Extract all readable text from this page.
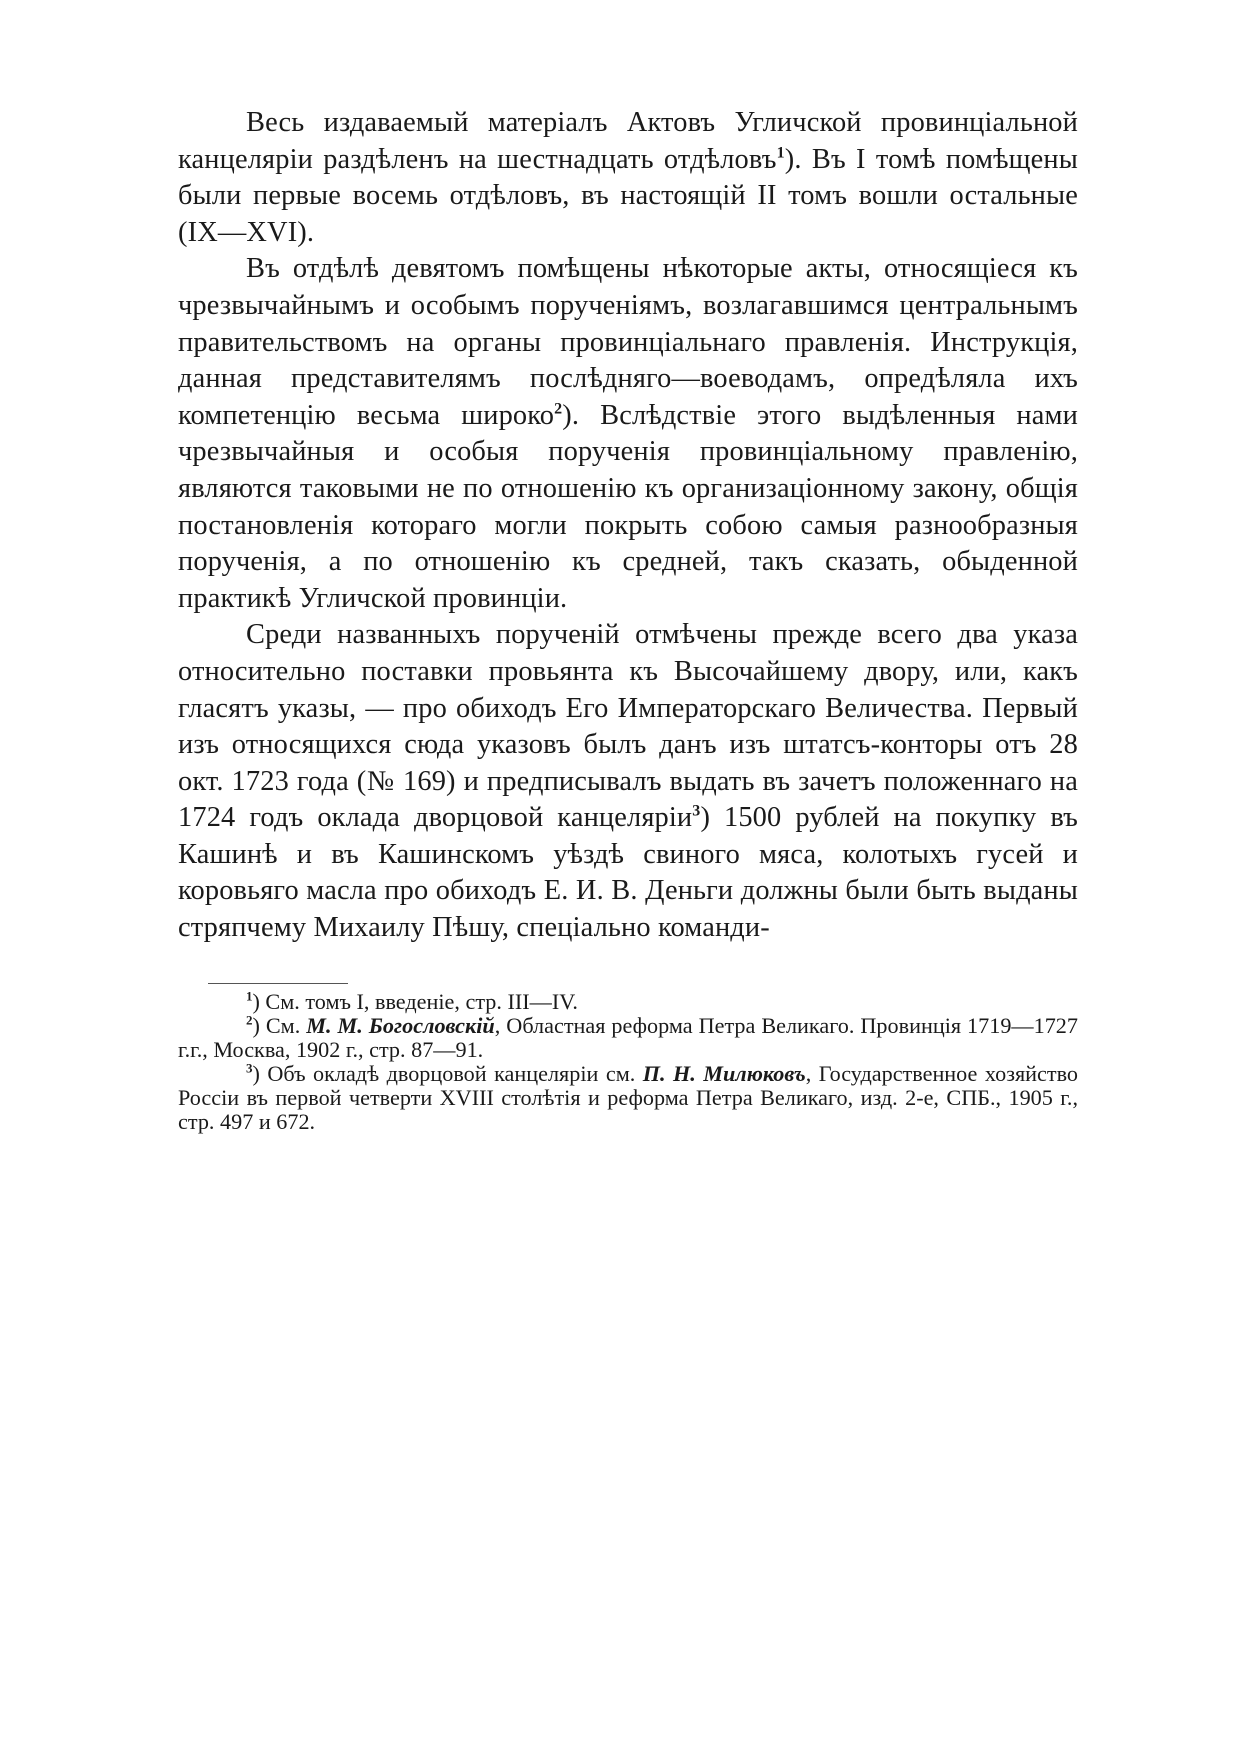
Весь издаваемый матеріалъ Актовъ Угличской провинціальной канцеляріи раздѣленъ на шестнадцать отдѣловъ$^1$). Въ I томѣ помѣщены были первые восемь отдѣловъ, въ настоящій II томъ вошли остальные (IX—XVI).

Въ отдѣлѣ девятомъ помѣщены нѣкоторые акты, относящіеся къ чрезвычайнымъ и особымъ порученіямъ, возлагавшимся центральнымъ правительствомъ на органы провинціальнаго правленія. Инструкція, данная представителямъ послѣдняго—воеводамъ, опредѣляла ихъ компетенцію весьма широко$^2$). Вслѣдствіе этого выдѣленныя нами чрезвычайныя и особыя порученія провинціальному правленію, являются таковыми не по отношенію къ организаціонному закону, общія постановленія котораго могли покрыть собою самыя разнообразныя порученія, а по отношенію къ средней, такъ сказать, обыденной практикѣ Угличской провинціи.

Среди названныхъ порученій отмѣчены прежде всего два указа относительно поставки провьянта къ Высочайшему двору, или, какъ гласятъ указы, — про обиходъ Его Императорскаго Величества. Первый изъ относящихся сюда указовъ былъ данъ изъ штатсъ-конторы отъ 28 окт. 1723 года (№ 169) и предписывалъ выдать въ зачетъ положеннаго на 1724 годъ оклада дворцовой канцеляріи$^3$) 1500 рублей на покупку въ Кашинѣ и въ Кашинскомъ уѣздѣ свиного мяса, колотыхъ гусей и коровьяго масла про обиходъ Е. И. В. Деньги должны были быть выданы стряпчему Михаилу Пѣшу, спеціально команди-

$^1$) См. томъ I, введеніе, стр. III—IV.

$^2$) См. М. М. Богословскій, Областная реформа Петра Великаго. Провинція 1719—1727 г.г., Москва, 1902 г., стр. 87—91.

$^3$) Объ окладѣ дворцовой канцеляріи см. П. Н. Милюковъ, Государственное хозяйство Россіи въ первой четверти XVIII столѣтія и реформа Петра Великаго, изд. 2-е, СПБ., 1905 г., стр. 497 и 672.
